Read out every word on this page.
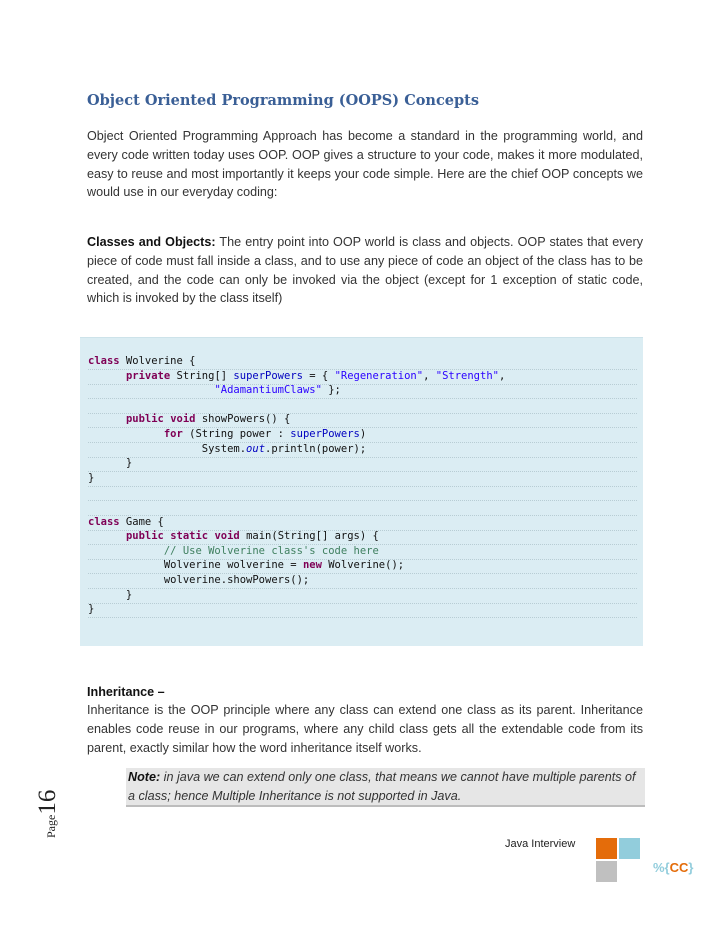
Object Oriented Programming (OOPS) Concepts
Object Oriented Programming Approach has become a standard in the programming world, and every code written today uses OOP. OOP gives a structure to your code, makes it more modulated, easy to reuse and most importantly it keeps your code simple. Here are the chief OOP concepts we would use in our everyday coding:
Classes and Objects: The entry point into OOP world is class and objects. OOP states that every piece of code must fall inside a class, and to use any piece of code an object of the class has to be created, and the code can only be invoked via the object (except for 1 exception of static code, which is invoked by the class itself)
class Wolverine {
private String[] superPowers = { "Regeneration", "Strength",
"AdamantiumClaws" };
public void showPowers() {
for (String power : superPowers)
System.out.println(power);
}
}
class Game {
public static void main(String[] args) {
// Use Wolverine class's code here
Wolverine wolverine = new Wolverine();
wolverine.showPowers();
}
}
Inheritance –
Inheritance is the OOP principle where any class can extend one class as its parent. Inheritance enables code reuse in our programs, where any child class gets all the extendable code from its parent, exactly similar how the word inheritance itself works.
Note: in java we can extend only one class, that means we cannot have multiple parents of a class; hence Multiple Inheritance is not supported in Java.
Page16
Java Interview
%{CC}
